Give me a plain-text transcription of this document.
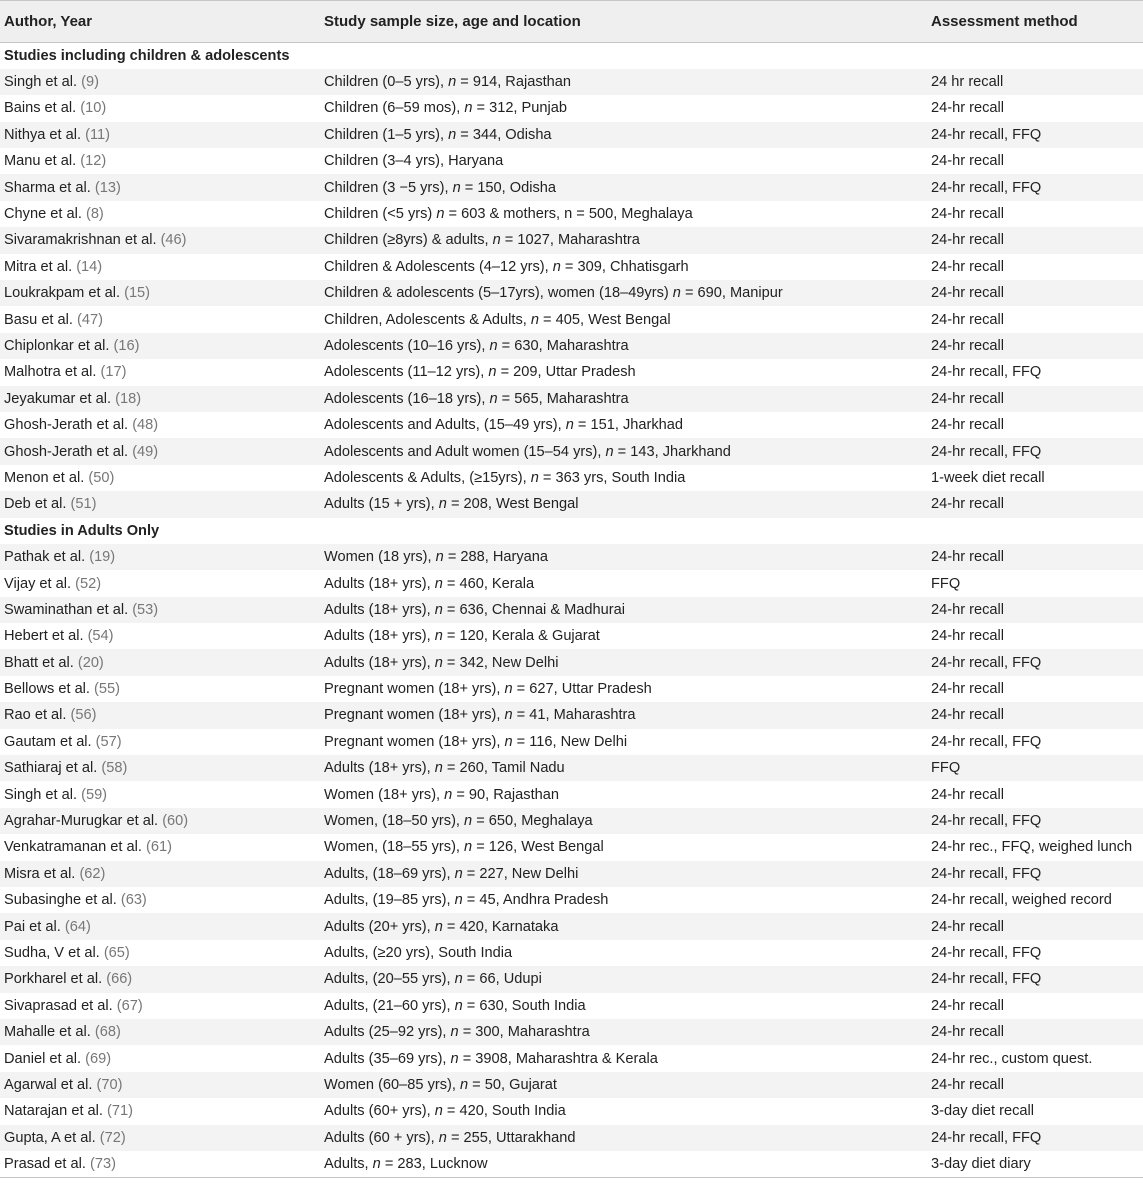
Author, Year	Study sample size, age and location	Assessment method
Studies including children & adolescents		
Singh et al. (9)	Children (0–5 yrs), n = 914, Rajasthan	24 hr recall
Bains et al. (10)	Children (6–59 mos), n = 312, Punjab	24-hr recall
Nithya et al. (11)	Children (1–5 yrs), n = 344, Odisha	24-hr recall, FFQ
Manu et al. (12)	Children (3–4 yrs), Haryana	24-hr recall
Sharma et al. (13)	Children (3 −5 yrs), n = 150, Odisha	24-hr recall, FFQ
Chyne et al. (8)	Children (<5 yrs) n = 603 & mothers, n = 500, Meghalaya	24-hr recall
Sivaramakrishnan et al. (46)	Children (≥8yrs) & adults, n = 1027, Maharashtra	24-hr recall
Mitra et al. (14)	Children & Adolescents (4–12 yrs), n = 309, Chhatisgarh	24-hr recall
Loukrakpam et al. (15)	Children & adolescents (5–17yrs), women (18–49yrs) n = 690, Manipur	24-hr recall
Basu et al. (47)	Children, Adolescents & Adults, n = 405, West Bengal	24-hr recall
Chiplonkar et al. (16)	Adolescents (10–16 yrs), n = 630, Maharashtra	24-hr recall
Malhotra et al. (17)	Adolescents (11–12 yrs), n = 209, Uttar Pradesh	24-hr recall, FFQ
Jeyakumar et al. (18)	Adolescents (16–18 yrs), n = 565, Maharashtra	24-hr recall
Ghosh-Jerath et al. (48)	Adolescents and Adults, (15–49 yrs), n = 151, Jharkhad	24-hr recall
Ghosh-Jerath et al. (49)	Adolescents and Adult women (15–54 yrs), n = 143, Jharkhand	24-hr recall, FFQ
Menon et al. (50)	Adolescents & Adults, (≥15yrs), n = 363 yrs, South India	1-week diet recall
Deb et al. (51)	Adults (15 + yrs), n = 208, West Bengal	24-hr recall
Studies in Adults Only		
Pathak et al. (19)	Women (18 yrs), n = 288, Haryana	24-hr recall
Vijay et al. (52)	Adults (18+ yrs), n = 460, Kerala	FFQ
Swaminathan et al. (53)	Adults (18+ yrs), n = 636, Chennai & Madhurai	24-hr recall
Hebert et al. (54)	Adults (18+ yrs), n = 120, Kerala & Gujarat	24-hr recall
Bhatt et al. (20)	Adults (18+ yrs), n = 342, New Delhi	24-hr recall, FFQ
Bellows et al. (55)	Pregnant women (18+ yrs), n = 627, Uttar Pradesh	24-hr recall
Rao et al. (56)	Pregnant women (18+ yrs), n = 41, Maharashtra	24-hr recall
Gautam et al. (57)	Pregnant women (18+ yrs), n = 116, New Delhi	24-hr recall, FFQ
Sathiaraj et al. (58)	Adults (18+ yrs), n = 260, Tamil Nadu	FFQ
Singh et al. (59)	Women (18+ yrs), n = 90, Rajasthan	24-hr recall
Agrahar-Murugkar et al. (60)	Women, (18–50 yrs), n = 650, Meghalaya	24-hr recall, FFQ
Venkatramanan et al. (61)	Women, (18–55 yrs), n = 126, West Bengal	24-hr rec., FFQ, weighed lunch
Misra et al. (62)	Adults, (18–69 yrs), n = 227, New Delhi	24-hr recall, FFQ
Subasinghe et al. (63)	Adults, (19–85 yrs), n = 45, Andhra Pradesh	24-hr recall, weighed record
Pai et al. (64)	Adults (20+ yrs), n = 420, Karnataka	24-hr recall
Sudha, V et al. (65)	Adults, (≥20 yrs), South India	24-hr recall, FFQ
Porkharel et al. (66)	Adults, (20–55 yrs), n = 66, Udupi	24-hr recall, FFQ
Sivaprasad et al. (67)	Adults, (21–60 yrs), n = 630, South India	24-hr recall
Mahalle et al. (68)	Adults (25–92 yrs), n = 300, Maharashtra	24-hr recall
Daniel et al. (69)	Adults (35–69 yrs), n = 3908, Maharashtra & Kerala	24-hr rec., custom quest.
Agarwal et al. (70)	Women (60–85 yrs), n = 50, Gujarat	24-hr recall
Natarajan et al. (71)	Adults (60+ yrs), n = 420, South India	3-day diet recall
Gupta, A et al. (72)	Adults (60 + yrs), n = 255, Uttarakhand	24-hr recall, FFQ
Prasad et al. (73)	Adults, n = 283, Lucknow	3-day diet diary
